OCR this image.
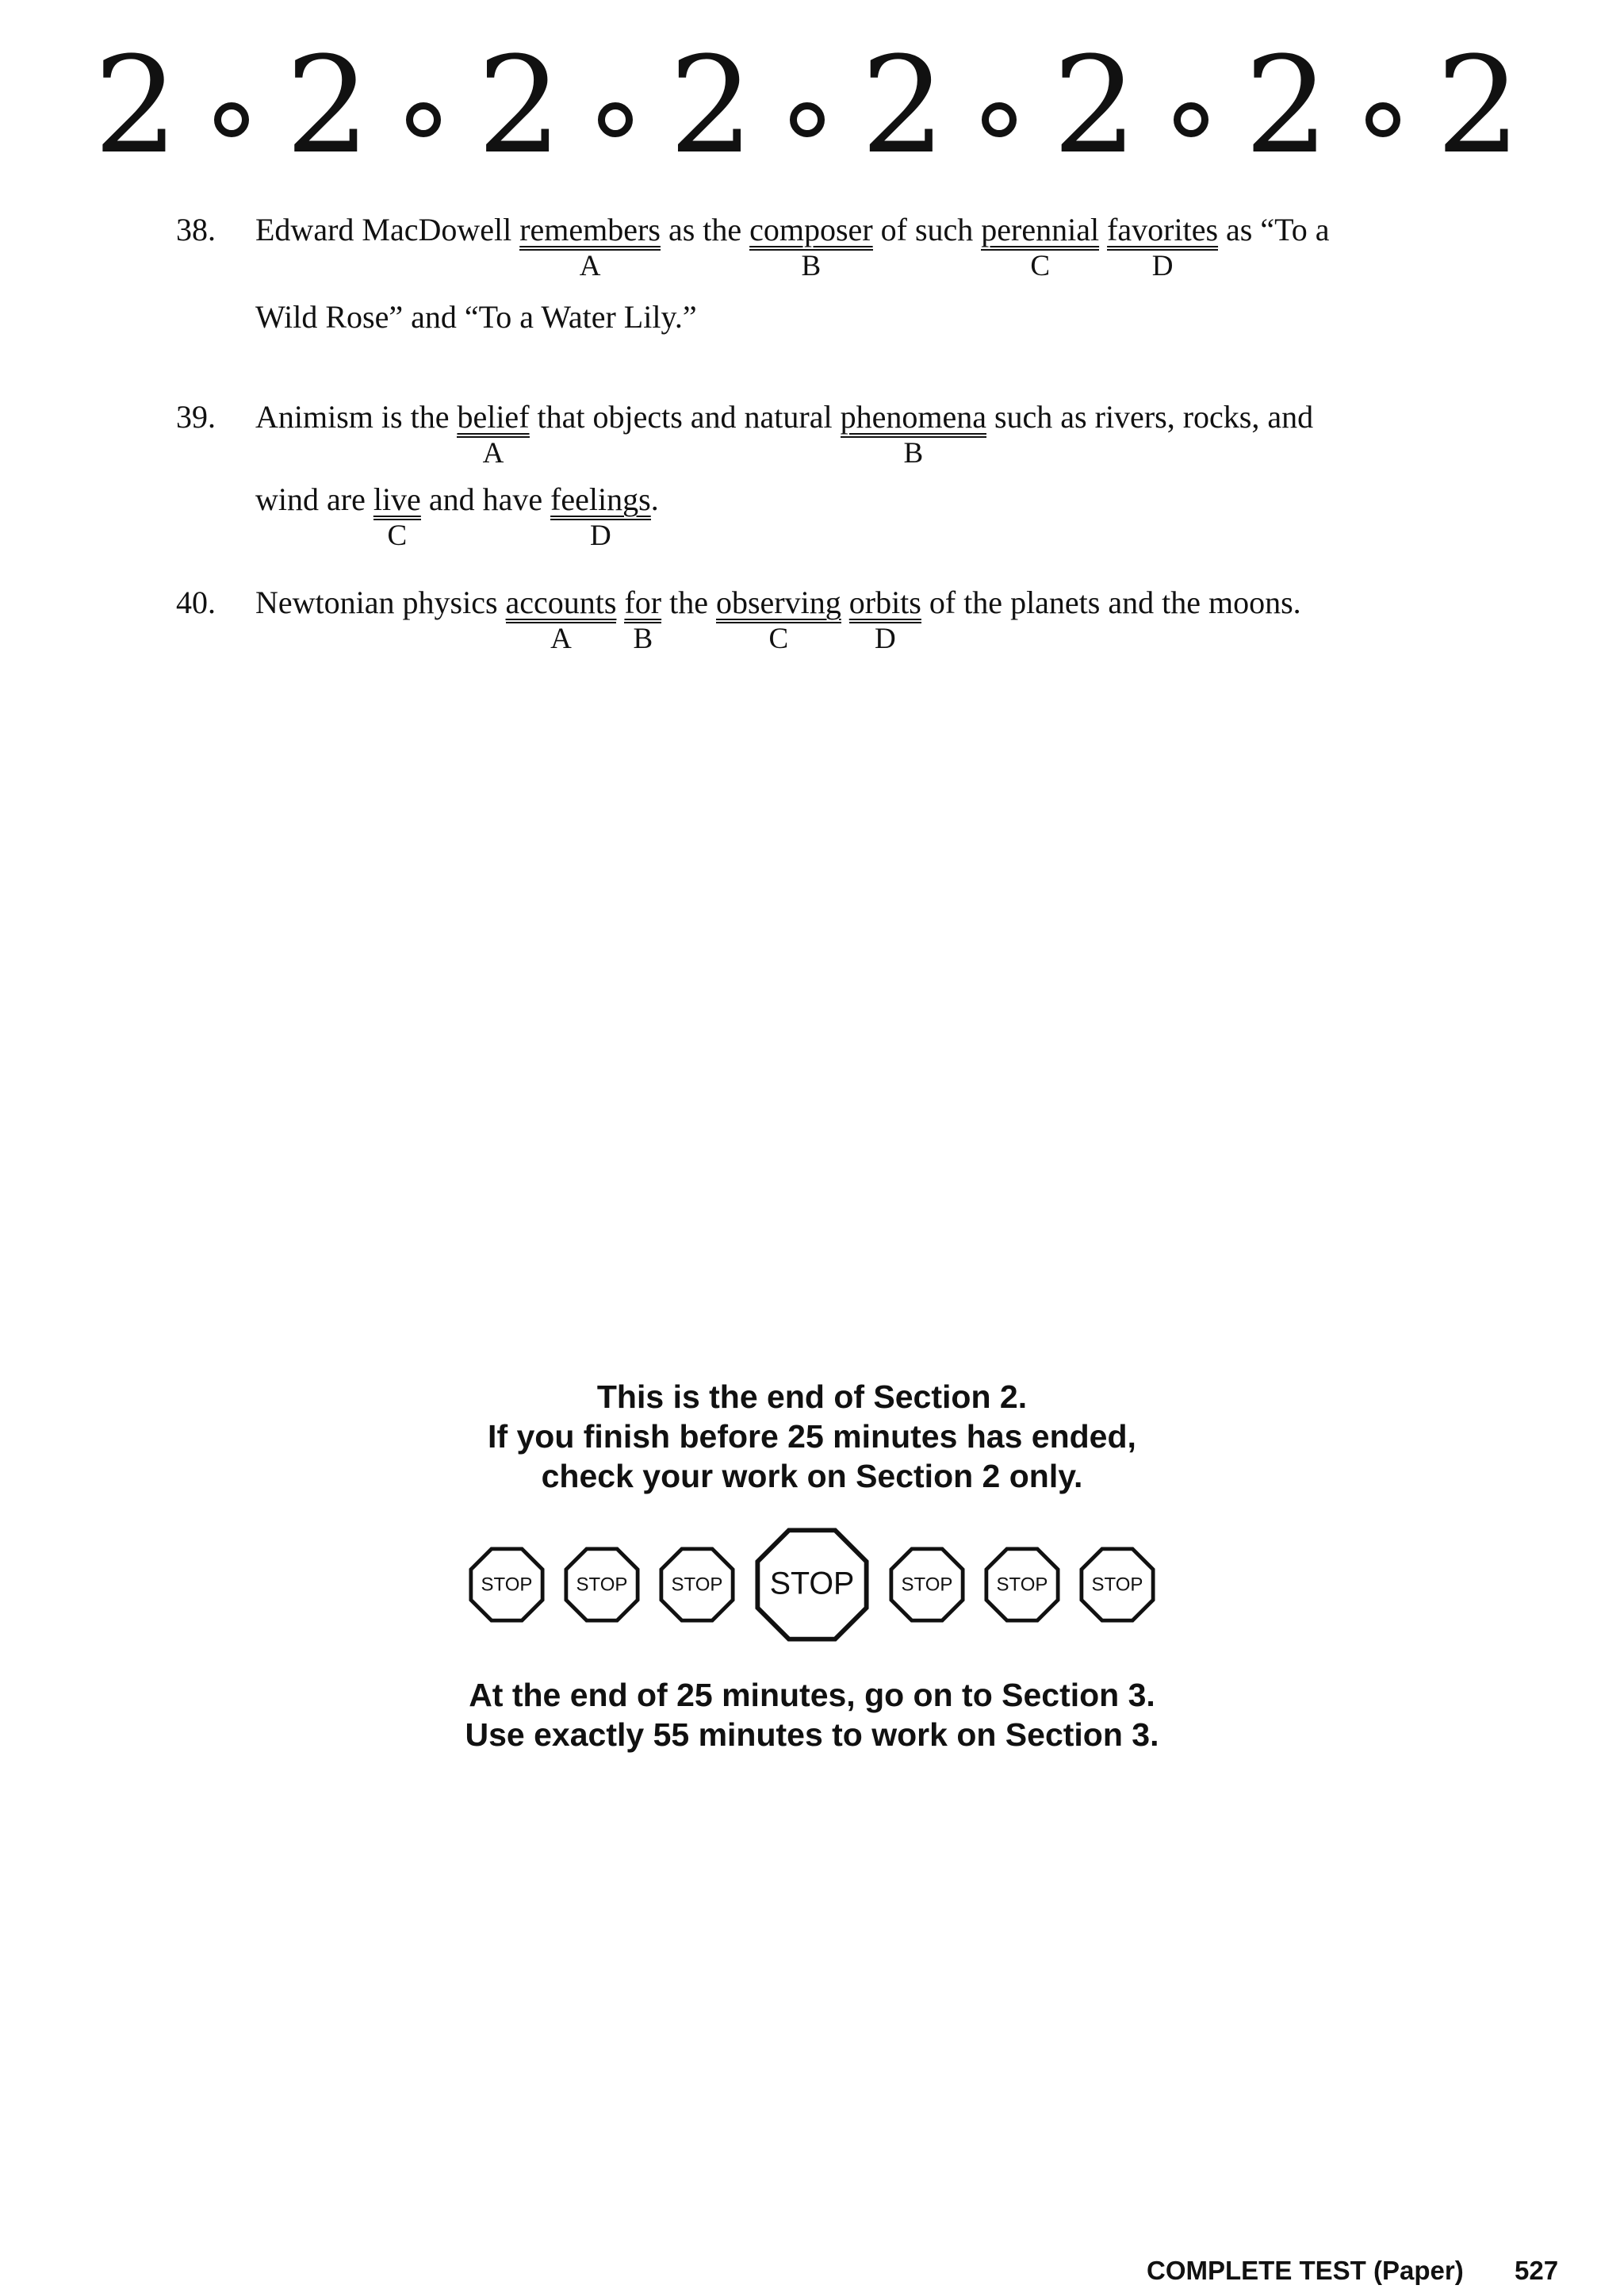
2 2 2 2 2 2 2 2
38.	Edward MacDowell remembers
A
as the composer
B
of such perennial
C
favorites
D
as “To a
Wild Rose” and “To a Water Lily.”
39.	Animism is the belief
A
that objects and natural phenomena
B
such as rivers, rocks, and
wind are live
C
and have feelings
D
.
40.	Newtonian physics accounts
A
for
B
the observing
C
orbits
D
of the planets and the moons.
This is the end of Section 2.
If you finish before 25 minutes has ended,
check your work on Section 2 only.
STOP STOP STOP STOP STOP STOP STOP
At the end of 25 minutes, go on to Section 3.
Use exactly 55 minutes to work on Section 3.
COMPLETE TEST (Paper) 527
